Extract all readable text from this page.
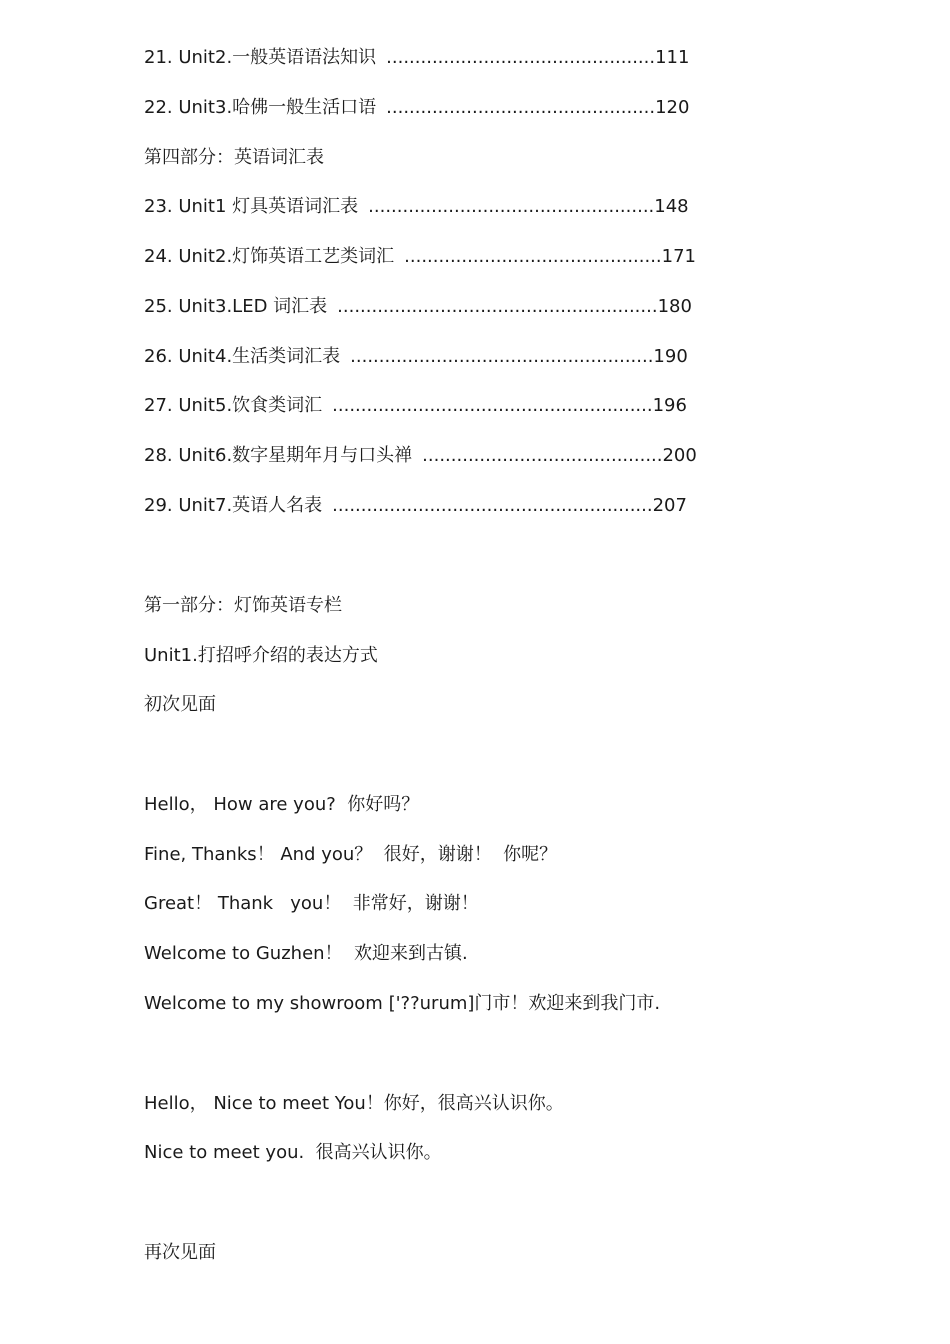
21. Unit2.一般英语语法知识 ............................................... 111
22. Unit3.哈佛一般生活口语 ............................................... 120
第四部分：英语词汇表
23. Unit1 灯具英语词汇表 .................................................. 148
24. Unit2.灯饰英语工艺类词汇 ............................................. 171
25. Unit3.LED 词汇表 ........................................................ 180
26. Unit4.生活类词汇表 ..................................................... 190
27. Unit5.饮食类词汇 ........................................................ 196
28. Unit6.数字星期年月与口头禅 .......................................... 200
29. Unit7.英语人名表 ........................................................ 207
第一部分：灯饰英语专栏
Unit1.打招呼介绍的表达方式
初次见面
Hello， How are you?  你好吗？
Fine, Thanks！ And you？  很好，谢谢！  你呢？
Great！ Thank   you！  非常好，谢谢！
Welcome to Guzhen！  欢迎来到古镇.
Welcome to my showroom ['??urum]门市！欢迎来到我门市.
Hello， Nice to meet You！你好，很高兴认识你。
Nice to meet you.  很高兴认识你。
再次见面
